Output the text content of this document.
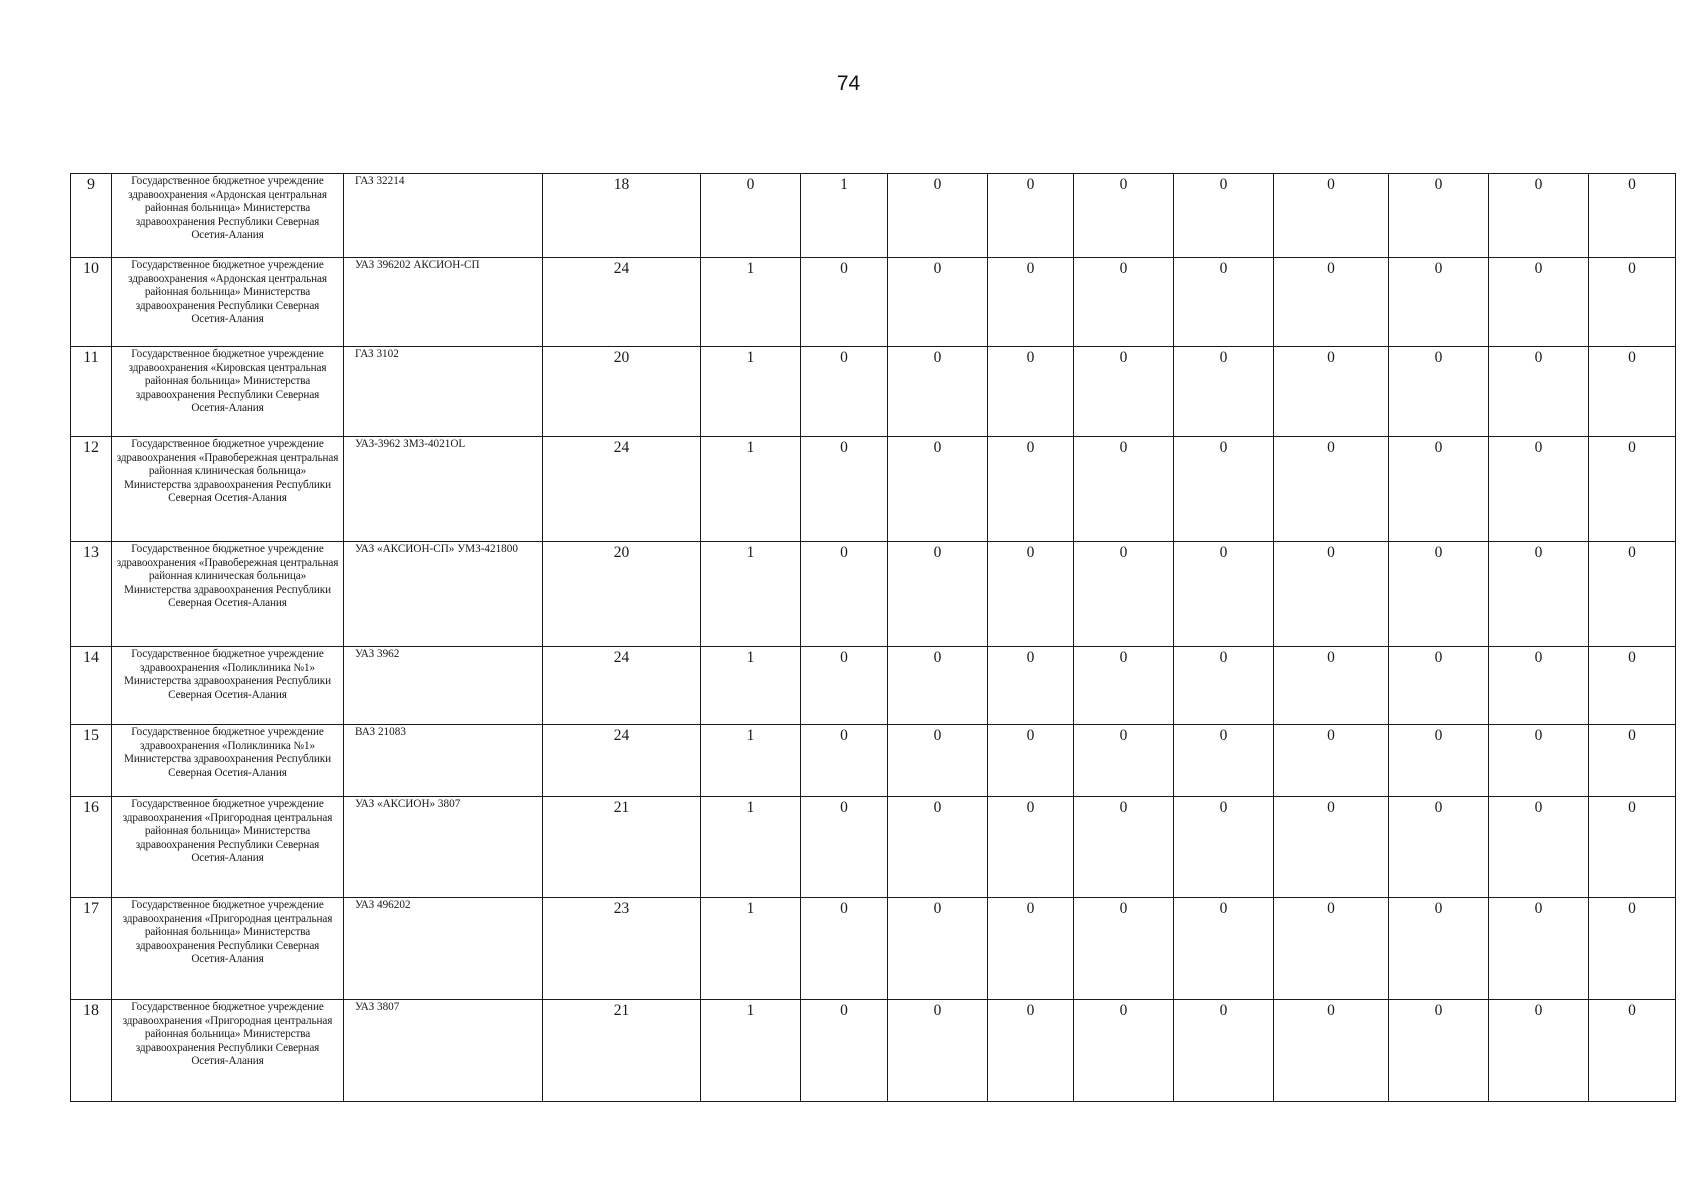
74
9	Государственное бюджетное учреждение здравоохранения «Ардонская центральная районная больница» Министерства здравоохранения Республики Северная Осетия-Алания	ГАЗ 32214	18	0	1	0	0	0	0	0	0	0	0
10	Государственное бюджетное учреждение здравоохранения «Ардонская центральная районная больница» Министерства здравоохранения Республики Северная Осетия-Алания	УАЗ 396202 АКСИОН-СП	24	1	0	0	0	0	0	0	0	0	0
11	Государственное бюджетное учреждение здравоохранения «Кировская центральная районная больница» Министерства здравоохранения Республики Северная Осетия-Алания	ГАЗ 3102	20	1	0	0	0	0	0	0	0	0	0
12	Государственное бюджетное учреждение здравоохранения «Правобережная центральная районная клиническая больница» Министерства здравоохранения Республики Северная Осетия-Алания	УАЗ-3962 ЗМЗ-4021OL	24	1	0	0	0	0	0	0	0	0	0
13	Государственное бюджетное учреждение здравоохранения «Правобережная центральная районная клиническая больница» Министерства здравоохранения Республики Северная Осетия-Алания	УАЗ «АКСИОН-СП» УМЗ-421800	20	1	0	0	0	0	0	0	0	0	0
14	Государственное бюджетное учреждение здравоохранения «Поликлиника №1» Министерства здравоохранения Республики Северная Осетия-Алания	УАЗ 3962	24	1	0	0	0	0	0	0	0	0	0
15	Государственное бюджетное учреждение здравоохранения «Поликлиника №1» Министерства здравоохранения Республики Северная Осетия-Алания	ВАЗ 21083	24	1	0	0	0	0	0	0	0	0	0
16	Государственное бюджетное учреждение здравоохранения «Пригородная центральная районная больница» Министерства здравоохранения Республики Северная Осетия-Алания	УАЗ «АКСИОН» 3807	21	1	0	0	0	0	0	0	0	0	0
17	Государственное бюджетное учреждение здравоохранения «Пригородная центральная районная больница» Министерства здравоохранения Республики Северная Осетия-Алания	УАЗ 496202	23	1	0	0	0	0	0	0	0	0	0
18	Государственное бюджетное учреждение здравоохранения «Пригородная центральная районная больница» Министерства здравоохранения Республики Северная Осетия-Алания	УАЗ 3807	21	1	0	0	0	0	0	0	0	0	0
